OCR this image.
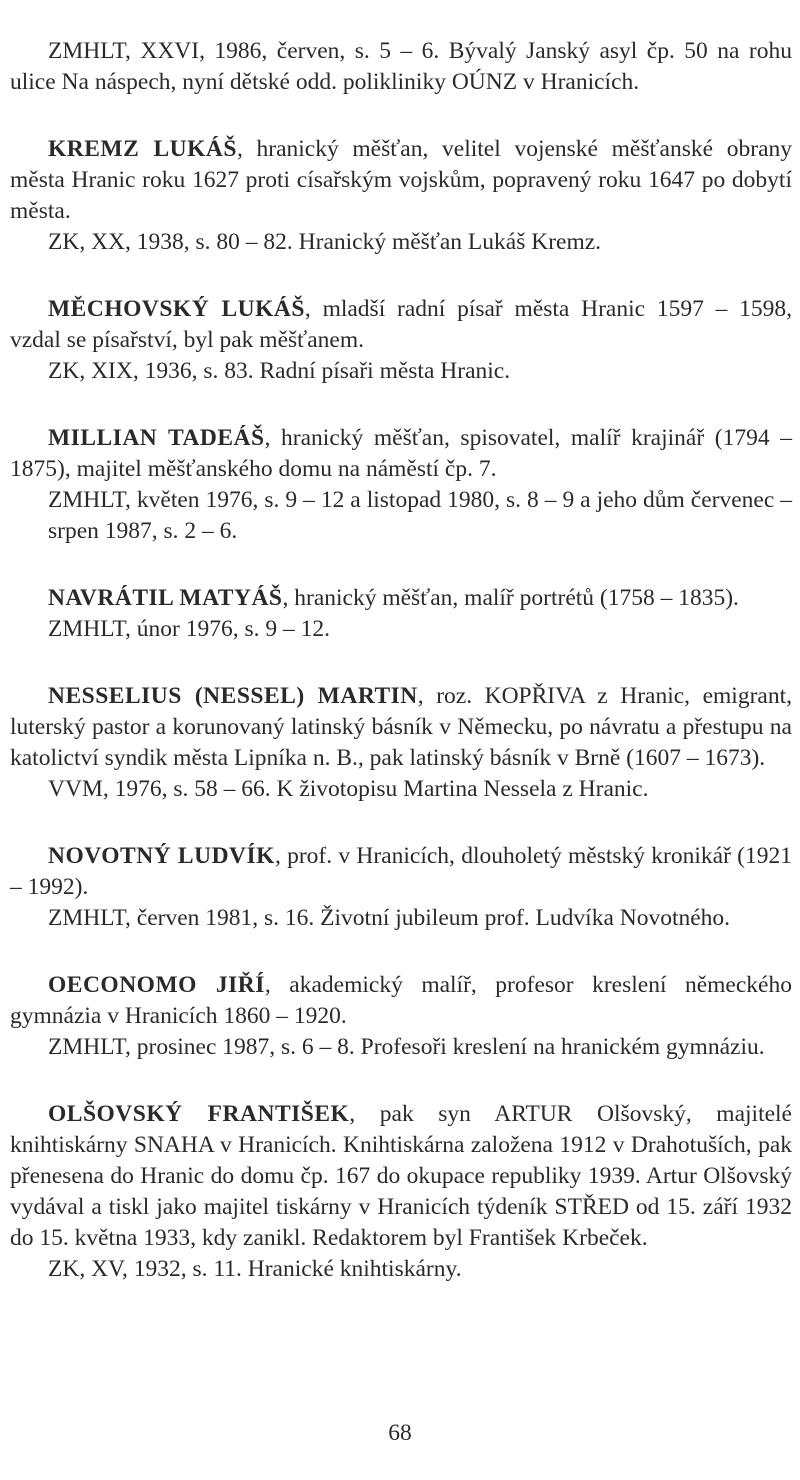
ZMHLT, XXVI, 1986, červen, s. 5 – 6. Bývalý Janský asyl čp. 50 na rohu ulice Na náspech, nyní dětské odd. polikliniky OÚNZ v Hranicích.

KREMZ LUKÁŠ, hranický měšťan, velitel vojenské měšťanské obrany města Hranic roku 1627 proti císařským vojskům, popravený roku 1647 po dobytí města.

ZK, XX, 1938, s. 80 – 82. Hranický měšťan Lukáš Kremz.

MĚCHOVSKÝ LUKÁŠ, mladší radní písař města Hranic 1597 – 1598, vzdal se písařství, byl pak měšťanem.

ZK, XIX, 1936, s. 83. Radní písaři města Hranic.

MILLIAN TADEÁŠ, hranický měšťan, spisovatel, malíř krajinář (1794 – 1875), majitel měšťanského domu na náměstí čp. 7.

ZMHLT, květen 1976, s. 9 – 12 a listopad 1980, s. 8 – 9 a jeho dům červenec – srpen 1987, s. 2 – 6.

NAVRÁTIL MATYÁŠ, hranický měšťan, malíř portrétů (1758 – 1835).

ZMHLT, únor 1976, s. 9 – 12.

NESSELIUS (NESSEL) MARTIN, roz. KOPŘIVA z Hranic, emigrant, luterský pastor a korunovaný latinský básník v Německu, po návratu a přestupu na katolictví syndik města Lipníka n. B., pak latinský básník v Brně (1607 – 1673).

VVM, 1976, s. 58 – 66. K životopisu Martina Nessela z Hranic.

NOVOTNÝ LUDVÍK, prof. v Hranicích, dlouholetý městský kronikář (1921 – 1992).

ZMHLT, červen 1981, s. 16. Životní jubileum prof. Ludvíka Novotného.

OECONOMO JIŘÍ, akademický malíř, profesor kreslení německého gymnázia v Hranicích 1860 – 1920.

ZMHLT, prosinec 1987, s. 6 – 8. Profesoři kreslení na hranickém gymnáziu.

OLŠOVSKÝ FRANTIŠEK, pak syn ARTUR Olšovský, majitelé knihtiskárny SNAHA v Hranicích. Knihtiskárna založena 1912 v Drahotuších, pak přenesena do Hranic do domu čp. 167 do okupace republiky 1939. Artur Olšovský vydával a tiskl jako majitel tiskárny v Hranicích týdeník STŘED od 15. září 1932 do 15. května 1933, kdy zanikl. Redaktorem byl František Krbeček.

ZK, XV, 1932, s. 11. Hranické knihtiskárny.

68
